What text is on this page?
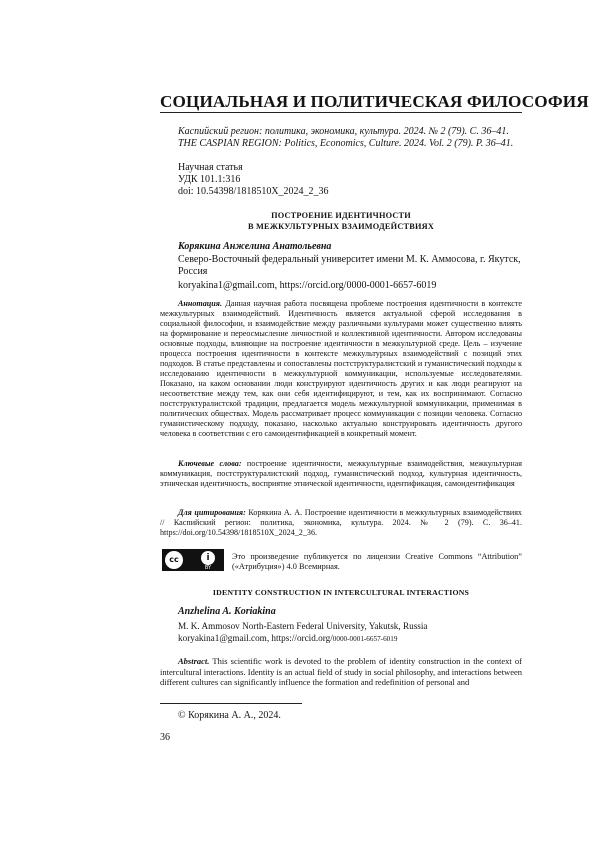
СОЦИАЛЬНАЯ И ПОЛИТИЧЕСКАЯ ФИЛОСОФИЯ
Каспийский регион: политика, экономика, культура. 2024. № 2 (79). С. 36–41.
THE CASPIAN REGION: Politics, Economics, Culture. 2024. Vol. 2 (79). P. 36–41.
Научная статья
УДК 101.1:316
doi: 10.54398/1818510X_2024_2_36
ПОСТРОЕНИЕ ИДЕНТИЧНОСТИ
В МЕЖКУЛЬТУРНЫХ ВЗАИМОДЕЙСТВИЯХ
Корякина Анжелина Анатольевна
Северо-Восточный федеральный университет имени М. К. Аммосова, г. Якутск, Россия
koryakina1@gmail.com, https://orcid.org/0000-0001-6657-6019
Аннотация. Данная научная работа посвящена проблеме построения идентичности в контексте межкультурных взаимодействий. Идентичность является актуальной сферой исследования в социальной философии, и взаимодействие между различными культурами может существенно влиять на формирование и переосмысление личностной и коллективной идентичности. Автором исследованы основные подходы, влияющие на построение идентичности в межкультурной среде. Цель – изучение процесса построения идентичности в контексте межкультурных взаимодействий с позиций этих подходов. В статье представлены и сопоставлены постструктуралистский и гуманистический подходы к исследованию идентичности в межкультурной коммуникации, используемые исследователями. Показано, на каком основании люди конструируют идентичность других и как люди реагируют на несоответствие между тем, как они себя идентифицируют, и тем, как их воспринимают. Согласно постструктуралистской традиции, предлагается модель межкультурной коммуникации, применимая в политических обществах. Модель рассматривает процесс коммуникации с позиции человека. Согласно гуманистическому подходу, показано, насколько актуально конструировать идентичность другого человека в соответствии с его самоидентификацией в конкретный момент.
Ключевые слова: построение идентичности, межкультурные взаимодействия, межкультурная коммуникация, постструктуралистский подход, гуманистический подход, культурная идентичность, этническая идентичность, восприятие этнической идентичности, идентификация, самоидентификация
Для цитирования: Корякина А. А. Построение идентичности в межкультурных взаимодействиях // Каспийский регион: политика, экономика, культура. 2024. № 2 (79). С. 36–41. https://doi.org/10.54398/1818510X_2024_2_36.
cc	i
BY
Это произведение публикуется по лицензии Creative Commons “Attribution” («Атрибуция») 4.0 Всемирная.
IDENTITY CONSTRUCTION IN INTERCULTURAL INTERACTIONS
Anzhelina A. Koriakina
M. K. Ammosov North-Eastern Federal University, Yakutsk, Russia
koryakina1@gmail.com, https://orcid.org/0000-0001-6657-6019
Abstract. This scientific work is devoted to the problem of identity construction in the context of intercultural interactions. Identity is an actual field of study in social philosophy, and interactions between different cultures can significantly influence the formation and redefinition of personal and
© Корякина А. А., 2024.
36
